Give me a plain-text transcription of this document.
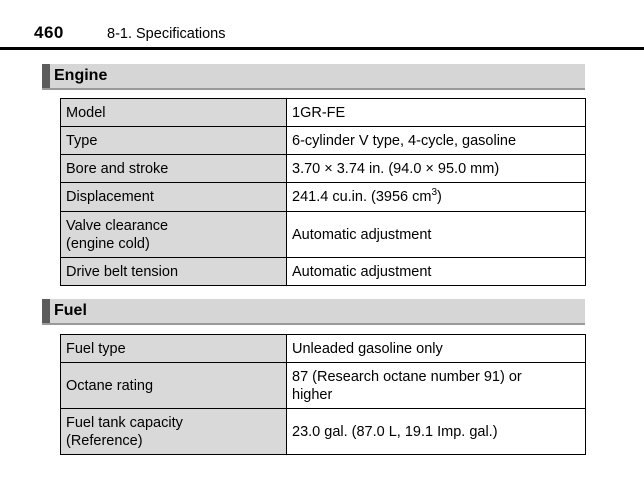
460	8-1. Specifications
Engine
Model	1GR-FE
Type	6-cylinder V type, 4-cycle, gasoline
Bore and stroke	3.70 × 3.74 in. (94.0 × 95.0 mm)
Displacement	241.4 cu.in. (3956 $cm^3$)
Valve clearance
(engine cold)	Automatic adjustment
Drive belt tension	Automatic adjustment
Fuel
Fuel type	Unleaded gasoline only
Octane rating	87 (Research octane number 91) or
higher
Fuel tank capacity
(Reference)	23.0 gal. (87.0 L, 19.1 Imp. gal.)
